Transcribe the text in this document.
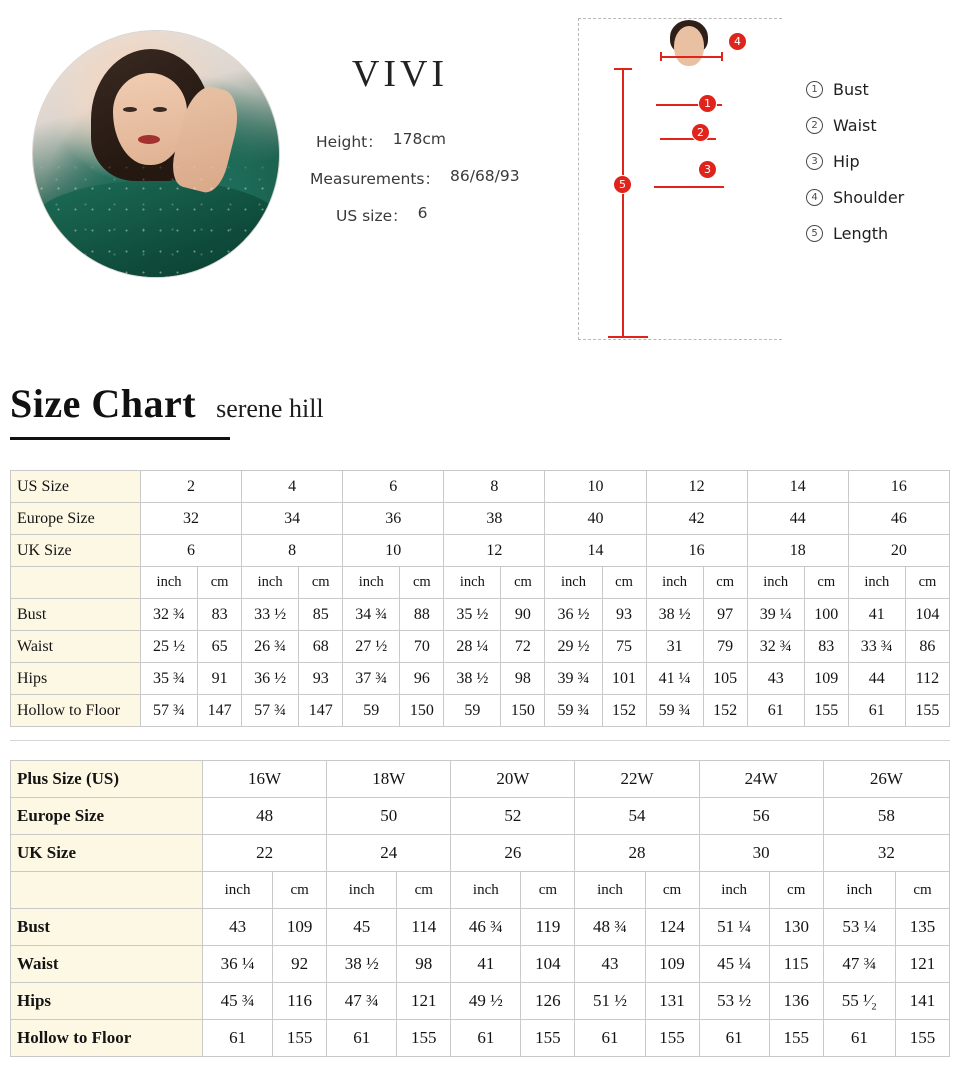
VIVI
Height： 178cm
Measurements： 86/68/93
US size： 6
5
4
1
2
3
1 Bust
2 Waist
3 Hip
4 Shoulder
5 Length
Size Chart serene hill
US Size	2		4		6		8		10		12		14		16	
Europe Size	32		34		36		38		40		42		44		46	
UK Size	6		8		10		12		14		16		18		20	
	inch	cm	inch	cm	inch	cm	inch	cm	inch	cm	inch	cm	inch	cm	inch	cm
Bust	32 ¾	83	33 ½	85	34 ¾	88	35 ½	90	36 ½	93	38 ½	97	39 ¼	100	41	104
Waist	25 ½	65	26 ¾	68	27 ½	70	28 ¼	72	29 ½	75	31	79	32 ¾	83	33 ¾	86
Hips	35 ¾	91	36 ½	93	37 ¾	96	38 ½	98	39 ¾	101	41 ¼	105	43	109	44	112
Hollow to Floor	57 ¾	147	57 ¾	147	59	150	59	150	59 ¾	152	59 ¾	152	61	155	61	155
Plus Size (US)	16W		18W		20W		22W		24W		26W	
Europe Size	48		50		52		54		56		58	
UK Size	22		24		26		28		30		32	
	inch	cm	inch	cm	inch	cm	inch	cm	inch	cm	inch	cm
Bust	43	109	45	114	46 ¾	119	48 ¾	124	51 ¼	130	53 ¼	135
Waist	36 ¼	92	38 ½	98	41	104	43	109	45 ¼	115	47 ¾	121
Hips	45 ¾	116	47 ¾	121	49 ½	126	51 ½	131	53 ½	136	55 ¹⁄₂	141
Hollow to Floor	61	155	61	155	61	155	61	155	61	155	61	155
